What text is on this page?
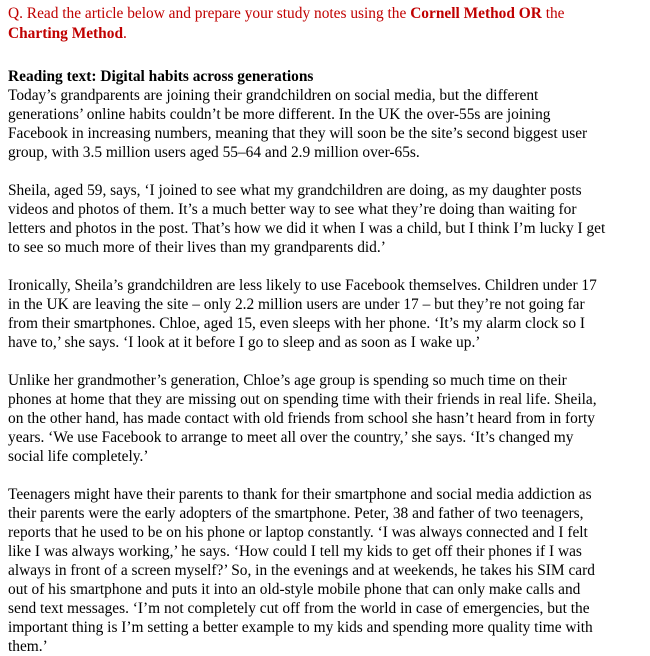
Q. Read the article below and prepare your study notes using the Cornell Method OR the
Charting Method.

Reading text: Digital habits across generations

Today’s grandparents are joining their grandchildren on social media, but the different
generations’ online habits couldn’t be more different. In the UK the over-55s are joining
Facebook in increasing numbers, meaning that they will soon be the site’s second biggest user
group, with 3.5 million users aged 55–64 and 2.9 million over-65s.

Sheila, aged 59, says, ‘I joined to see what my grandchildren are doing, as my daughter posts
videos and photos of them. It’s a much better way to see what they’re doing than waiting for
letters and photos in the post. That’s how we did it when I was a child, but I think I’m lucky I get
to see so much more of their lives than my grandparents did.’

Ironically, Sheila’s grandchildren are less likely to use Facebook themselves. Children under 17
in the UK are leaving the site – only 2.2 million users are under 17 – but they’re not going far
from their smartphones. Chloe, aged 15, even sleeps with her phone. ‘It’s my alarm clock so I
have to,’ she says. ‘I look at it before I go to sleep and as soon as I wake up.’

Unlike her grandmother’s generation, Chloe’s age group is spending so much time on their
phones at home that they are missing out on spending time with their friends in real life. Sheila,
on the other hand, has made contact with old friends from school she hasn’t heard from in forty
years. ‘We use Facebook to arrange to meet all over the country,’ she says. ‘It’s changed my
social life completely.’

Teenagers might have their parents to thank for their smartphone and social media addiction as
their parents were the early adopters of the smartphone. Peter, 38 and father of two teenagers,
reports that he used to be on his phone or laptop constantly. ‘I was always connected and I felt
like I was always working,’ he says. ‘How could I tell my kids to get off their phones if I was
always in front of a screen myself?’ So, in the evenings and at weekends, he takes his SIM card
out of his smartphone and puts it into an old-style mobile phone that can only make calls and
send text messages. ‘I’m not completely cut off from the world in case of emergencies, but the
important thing is I’m setting a better example to my kids and spending more quality time with
them.’
